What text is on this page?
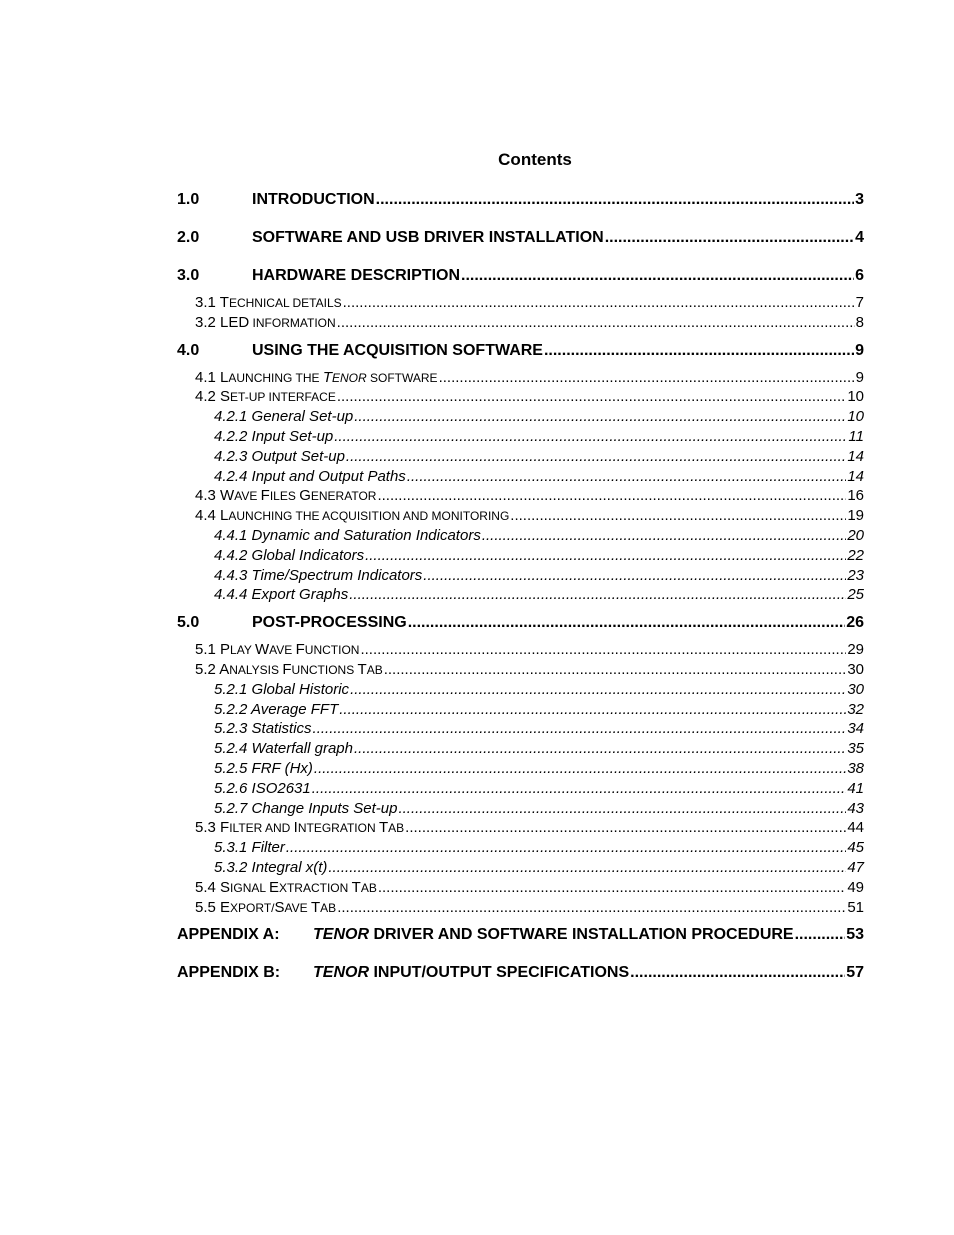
Contents
1.0	INTRODUCTION .....	3
2.0	SOFTWARE AND USB DRIVER INSTALLATION .....	4
3.0	HARDWARE DESCRIPTION .....	6
3.1 TECHNICAL DETAILS .....	7
3.2 LED INFORMATION .....	8
4.0	USING THE ACQUISITION SOFTWARE .....	9
4.1 LAUNCHING THE TENOR SOFTWARE .....	9
4.2 SET-UP INTERFACE .....	10
4.2.1 General Set-up .....	10
4.2.2 Input Set-up .....	11
4.2.3 Output Set-up .....	14
4.2.4 Input and Output Paths .....	14
4.3 WAVE FILES GENERATOR .....	16
4.4 LAUNCHING THE ACQUISITION AND MONITORING .....	19
4.4.1 Dynamic and Saturation Indicators .....	20
4.4.2 Global Indicators .....	22
4.4.3 Time/Spectrum Indicators .....	23
4.4.4 Export Graphs .....	25
5.0	POST-PROCESSING .....	26
5.1 PLAY WAVE FUNCTION .....	29
5.2 ANALYSIS FUNCTIONS TAB .....	30
5.2.1 Global Historic .....	30
5.2.2 Average FFT .....	32
5.2.3 Statistics .....	34
5.2.4 Waterfall graph .....	35
5.2.5 FRF (Hx) .....	38
5.2.6 ISO2631 .....	41
5.2.7 Change Inputs Set-up .....	43
5.3 FILTER AND INTEGRATION TAB .....	44
5.3.1 Filter .....	45
5.3.2 Integral x(t) .....	47
5.4 SIGNAL EXTRACTION TAB .....	49
5.5 EXPORT/SAVE TAB .....	51
APPENDIX A: TENOR DRIVER AND SOFTWARE INSTALLATION PROCEDURE .....	53
APPENDIX B: TENOR INPUT/OUTPUT SPECIFICATIONS .....	57
